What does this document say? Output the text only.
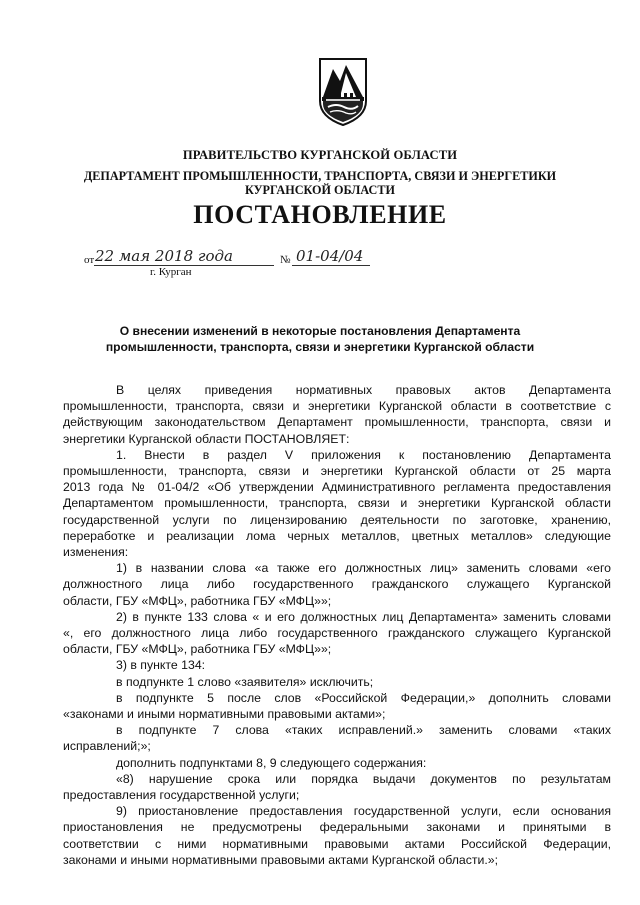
ПРАВИТЕЛЬСТВО КУРГАНСКОЙ ОБЛАСТИ
ДЕПАРТАМЕНТ ПРОМЫШЛЕННОСТИ, ТРАНСПОРТА, СВЯЗИ И ЭНЕРГЕТИКИ
КУРГАНСКОЙ ОБЛАСТИ
ПОСТАНОВЛЕНИЕ
от 22 мая 2018 года	№ 01-04/04
г. Курган
О внесении изменений в некоторые постановления Департамента
промышленности, транспорта, связи и энергетики Курганской области
В целях приведения нормативных правовых актов Департамента
промышленности, транспорта, связи и энергетики Курганской области в соответствие с
действующим законодательством Департамент промышленности, транспорта, связи и
энергетики Курганской области ПОСТАНОВЛЯЕТ:
1. Внести в раздел V приложения к постановлению Департамента
промышленности, транспорта, связи и энергетики Курганской области от 25 марта
2013 года № 01-04/2 «Об утверждении Административного регламента предоставления
Департаментом промышленности, транспорта, связи и энергетики Курганской области
государственной услуги по лицензированию деятельности по заготовке, хранению,
переработке и реализации лома черных металлов, цветных металлов» следующие
изменения:
1) в названии слова «а также его должностных лиц» заменить словами «его
должностного лица либо государственного гражданского служащего Курганской
области, ГБУ «МФЦ», работника ГБУ «МФЦ»»;
2) в пункте 133 слова « и его должностных лиц Департамента» заменить словами
«, его должностного лица либо государственного гражданского служащего Курганской
области, ГБУ «МФЦ», работника ГБУ «МФЦ»»;
3) в пункте 134:
в подпункте 1 слово «заявителя» исключить;
в подпункте 5 после слов «Российской Федерации,» дополнить словами
«законами и иными нормативными правовыми актами»;
в подпункте 7 слова «таких исправлений.» заменить словами «таких
исправлений;»;
дополнить подпунктами 8, 9 следующего содержания:
«8) нарушение срока или порядка выдачи документов по результатам
предоставления государственной услуги;
9) приостановление предоставления государственной услуги, если основания
приостановления не предусмотрены федеральными законами и принятыми в
соответствии с ними нормативными правовыми актами Российской Федерации,
законами и иными нормативными правовыми актами Курганской области.»;
